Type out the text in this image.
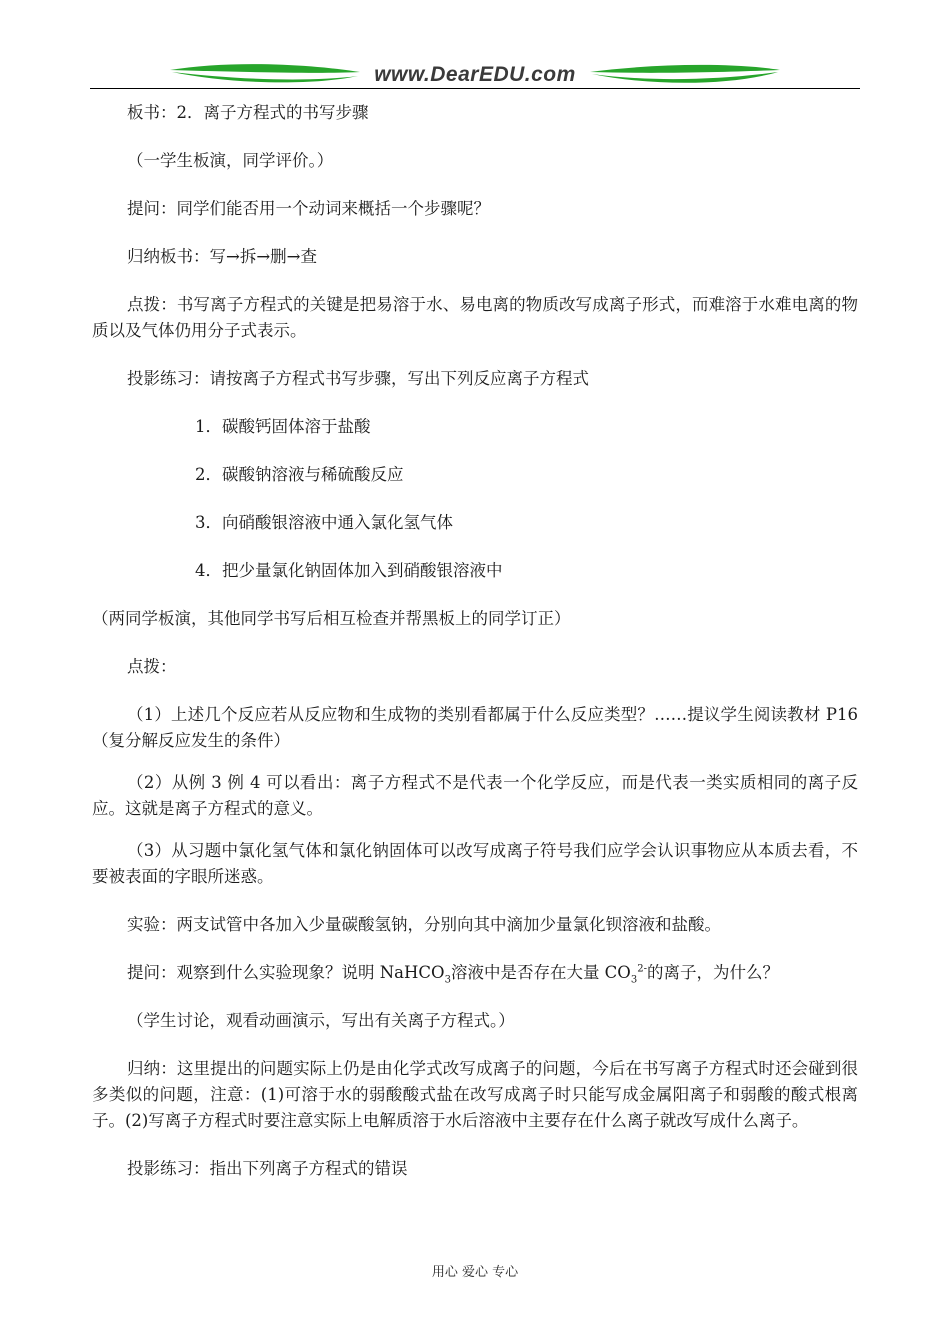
www.DearEDU.com

板书：2．离子方程式的书写步骤

（一学生板演，同学评价。）

提问：同学们能否用一个动词来概括一个步骤呢？

归纳板书：写→拆→删→查

点拨：书写离子方程式的关键是把易溶于水、易电离的物质改写成离子形式，而难溶于水难电离的物质以及气体仍用分子式表示。

投影练习：请按离子方程式书写步骤，写出下列反应离子方程式

1．碳酸钙固体溶于盐酸

2．碳酸钠溶液与稀硫酸反应

3．向硝酸银溶液中通入氯化氢气体

4．把少量氯化钠固体加入到硝酸银溶液中

（两同学板演，其他同学书写后相互检查并帮黑板上的同学订正）

点拨：

（1）上述几个反应若从反应物和生成物的类别看都属于什么反应类型？……提议学生阅读教材 P16（复分解反应发生的条件）

（2）从例 3 例 4 可以看出：离子方程式不是代表一个化学反应，而是代表一类实质相同的离子反应。这就是离子方程式的意义。

（3）从习题中氯化氢气体和氯化钠固体可以改写成离子符号我们应学会认识事物应从本质去看，不要被表面的字眼所迷惑。

实验：两支试管中各加入少量碳酸氢钠，分别向其中滴加少量氯化钡溶液和盐酸。

提问：观察到什么实验现象？说明 NaHCO$_3$溶液中是否存在大量 $CO_3^{2-}$的离子，为什么？

（学生讨论，观看动画演示，写出有关离子方程式。）

归纳：这里提出的问题实际上仍是由化学式改写成离子的问题，今后在书写离子方程式时还会碰到很多类似的问题，注意：(1)可溶于水的弱酸酸式盐在改写成离子时只能写成金属阳离子和弱酸的酸式根离子。(2)写离子方程式时要注意实际上电解质溶于水后溶液中主要存在什么离子就改写成什么离子。

投影练习：指出下列离子方程式的错误

用心 爱心 专心
